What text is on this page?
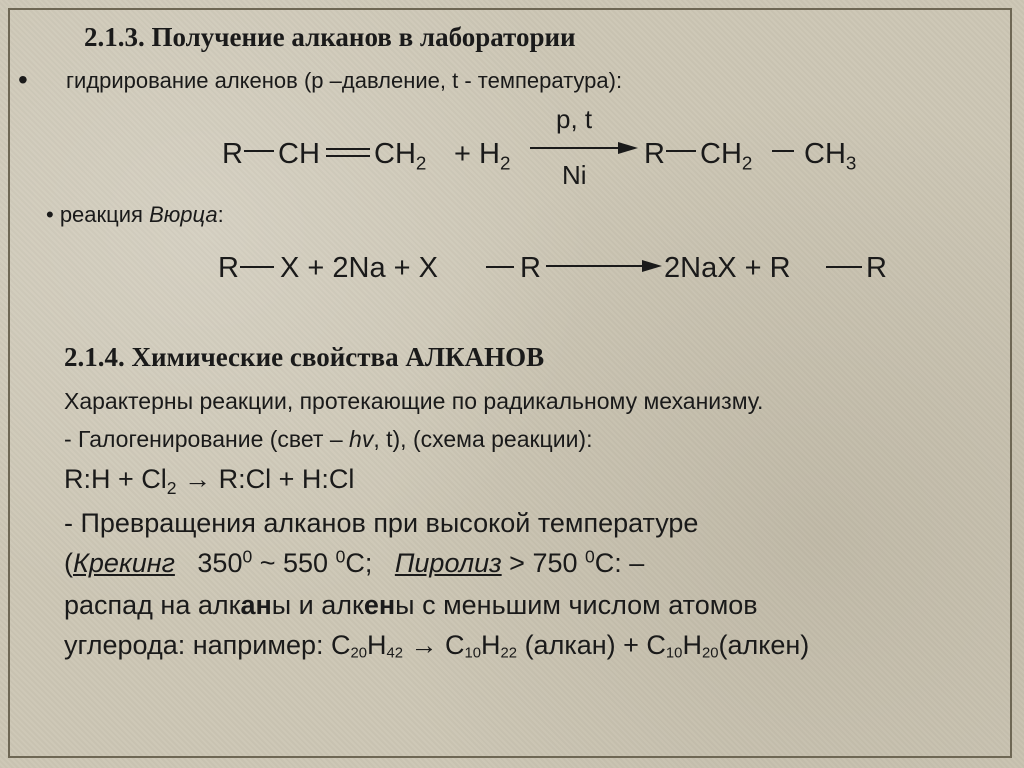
2.1.3. Получение алканов в лаборатории
• гидрирование алкенов (р –давление, t - температура):
p, t
R CH $CH_2 + H_2$ Ni
R $CH_2$ $CH_3$
• реакция Вюрца:
R X + 2Na + X	R	2NaX + R	R
2.1.4. Химические свойства АЛКАНОВ
Характерны реакции, протекающие по радикальному механизму.
- Галогенирование (свет – hv, t), (схема реакции):
R:H + $Cl_2$ → R:Cl + H:Cl
- Превращения алканов при высокой температуре
(Крекинг $350^0$ ~ 550 $^0$С; Пиролиз > 750 $^0$С: –
распад на алканы и алкены с меньшим числом атомов
углерода: например: С20Н42 → С10Н22 (алкан) + С10Н20(алкен)
